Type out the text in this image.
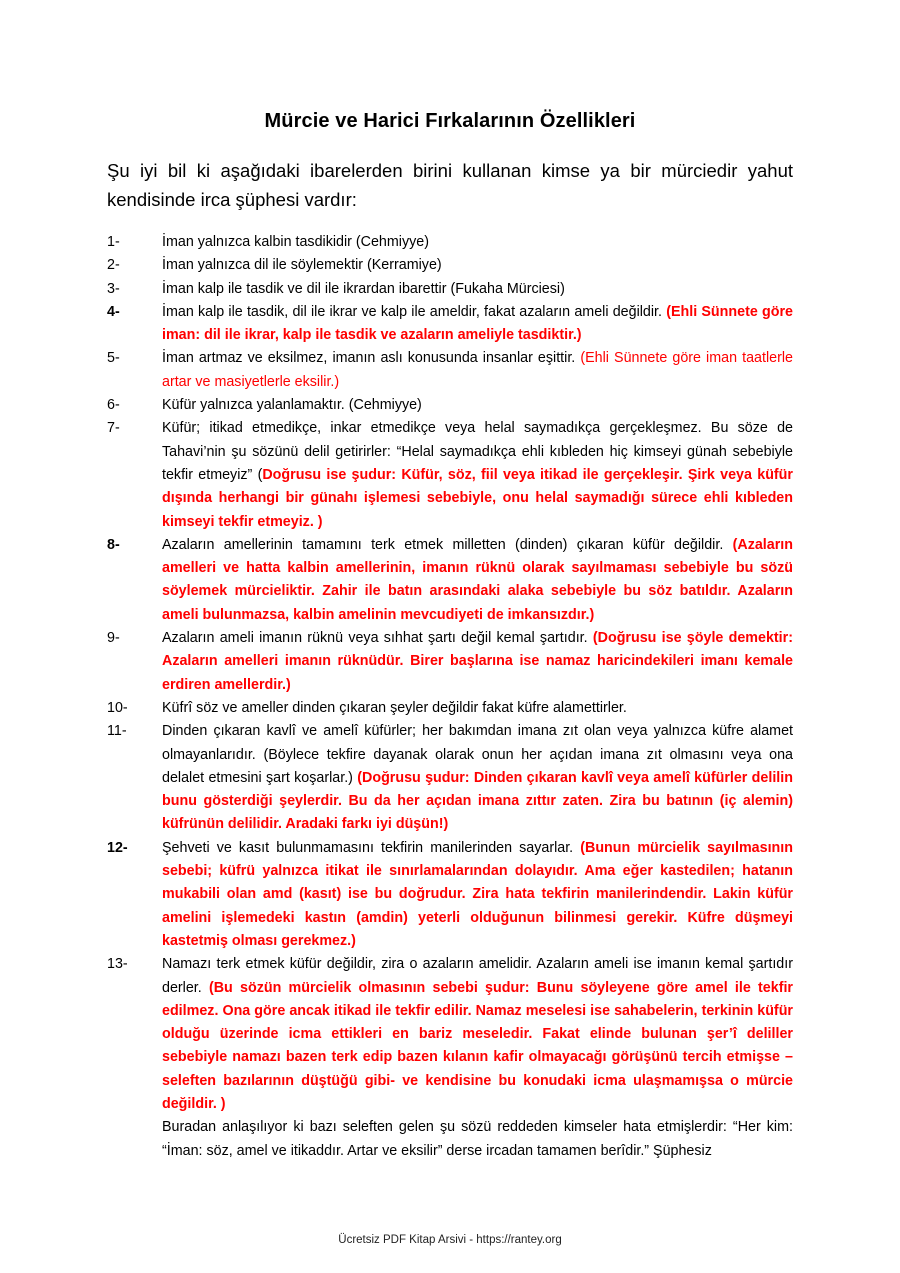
Mürcie ve Harici Fırkalarının Özellikleri
Şu iyi bil ki aşağıdaki ibarelerden birini kullanan kimse ya bir mürciedir yahut kendisinde irca şüphesi vardır:
1-	İman yalnızca kalbin tasdikidir (Cehmiyye)
2-	İman yalnızca dil ile söylemektir (Kerramiye)
3-	İman kalp ile tasdik ve dil ile ikrardan ibarettir (Fukaha Mürciesi)
4-	İman kalp ile tasdik, dil ile ikrar ve kalp ile ameldir, fakat azaların ameli değildir. (Ehli Sünnete göre iman: dil ile ikrar, kalp ile tasdik ve azaların ameliyle tasdiktir.)
5-	İman artmaz ve eksilmez, imanın aslı konusunda insanlar eşittir. (Ehli Sünnete göre iman taatlerle artar ve masiyetlerle eksilir.)
6-	Küfür yalnızca yalanlamaktır. (Cehmiyye)
7-	Küfür; itikad etmedikçe, inkar etmedikçe veya helal saymadıkça gerçekleşmez. Bu söze de Tahavi’nin şu sözünü delil getirirler: “Helal saymadıkça ehli kıbleden hiç kimseyi günah sebebiyle tekfir etmeyiz” (Doğrusu ise şudur: Küfür, söz, fiil veya itikad ile gerçekleşir. Şirk veya küfür dışında herhangi bir günahı işlemesi sebebiyle, onu helal saymadığı sürece ehli kıbleden kimseyi tekfir etmeyiz. )
8-	Azaların amellerinin tamamını terk etmek milletten (dinden) çıkaran küfür değildir. (Azaların amelleri ve hatta kalbin amellerinin, imanın rüknü olarak sayılmaması sebebiyle bu sözü söylemek mürcieliktir. Zahir ile batın arasındaki alaka sebebiyle bu söz batıldır. Azaların ameli bulunmazsa, kalbin amelinin mevcudiyeti de imkansızdır.)
9-	Azaların ameli imanın rüknü veya sıhhat şartı değil kemal şartıdır. (Doğrusu ise şöyle demektir: Azaların amelleri imanın rüknüdür. Birer başlarına ise namaz haricindekileri imanı kemale erdiren amellerdir.)
10-	Küfrî söz ve ameller dinden çıkaran şeyler değildir fakat küfre alamettirler.
11-	Dinden çıkaran kavlî ve amelî küfürler; her bakımdan imana zıt olan veya yalnızca küfre alamet olmayanlarıdır. (Böylece tekfire dayanak olarak onun her açıdan imana zıt olmasını veya ona delalet etmesini şart koşarlar.) (Doğrusu şudur: Dinden çıkaran kavlî veya amelî küfürler delilin bunu gösterdiği şeylerdir. Bu da her açıdan imana zıttır zaten. Zira bu batının (iç alemin) küfrünün delilidir. Aradaki farkı iyi düşün!)
12-	Şehveti ve kasıt bulunmamasını tekfirin manilerinden sayarlar. (Bunun mürcielik sayılmasının sebebi; küfrü yalnızca itikat ile sınırlamalarından dolayıdır. Ama eğer kastedilen; hatanın mukabili olan amd (kasıt) ise bu doğrudur. Zira hata tekfirin manilerindendir. Lakin küfür amelini işlemedeki kastın (amdin) yeterli olduğunun bilinmesi gerekir. Küfre düşmeyi kastetmiş olması gerekmez.)
13-	Namazı terk etmek küfür değildir, zira o azaların amelidir. Azaların ameli ise imanın kemal şartıdır derler. (Bu sözün mürcielik olmasının sebebi şudur: Bunu söyleyene göre amel ile tekfir edilmez. Ona göre ancak itikad ile tekfir edilir. Namaz meselesi ise sahabelerin, terkinin küfür olduğu üzerinde icma ettikleri en bariz meseledir. Fakat elinde bulunan şer’î deliller sebebiyle namazı bazen terk edip bazen kılanın kafir olmayacağı görüşünü tercih etmişse –seleften bazılarının düştüğü gibi- ve kendisine bu konudaki icma ulaşmamışsa o mürcie değildir. )
Buradan anlaşılıyor ki bazı seleften gelen şu sözü reddeden kimseler hata etmişlerdir: “Her kim: “İman: söz, amel ve itikaddır. Artar ve eksilir” derse ircadan tamamen berîdir.” Şüphesiz
Ücretsiz PDF Kitap Arsivi - https://rantey.org
